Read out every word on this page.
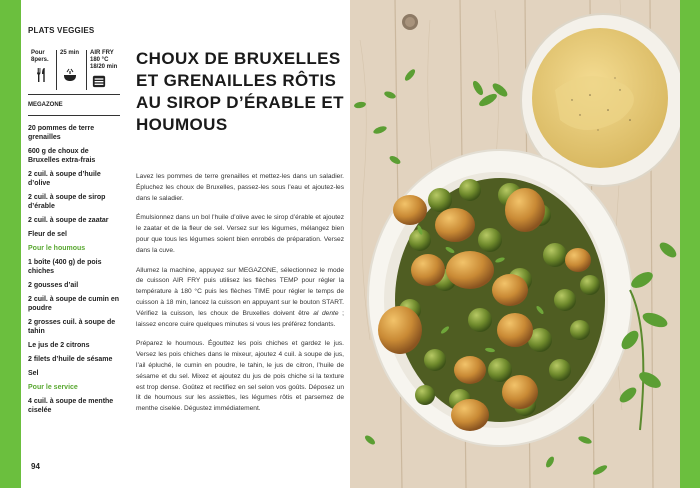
PLATS VEGGIES
Pour 8pers.
25 min	AIR FRY
180 °C
18/20 min
MEGAZONE
20 pommes de terre grenailles
600 g de choux de Bruxelles extra-frais
2 cuil. à soupe d’huile d’olive
2 cuil. à soupe de sirop d’érable
2 cuil. à soupe de zaatar
Fleur de sel
Pour le houmous
1 boîte (400 g) de pois chiches
2 gousses d’ail
2 cuil. à soupe de cumin en poudre
2 grosses cuil. à soupe de tahin
Le jus de 2 citrons
2 filets d’huile de sésame
Sel
Pour le service
4 cuil. à soupe de menthe ciselée
94
CHOUX DE BRUXELLES ET GRENAILLES RÔTIS AU SIROP D’ÉRABLE ET HOUMOUS

Lavez les pommes de terre grenailles et mettez-les dans un saladier. Épluchez les choux de Bruxelles, passez-les sous l’eau et ajoutez-les dans le saladier.

Émulsionnez dans un bol l’huile d’olive avec le sirop d’érable et ajoutez le zaatar et de la fleur de sel. Versez sur les légumes, mélangez bien pour que tous les légumes soient bien enrobés de préparation. Versez dans la cuve.

Allumez la machine, appuyez sur MEGAZONE, sélectionnez le mode de cuisson AIR FRY puis utilisez les flèches TEMP pour régler la température à 180 °C puis les flèches TIME pour régler le temps de cuisson à 18 min, lancez la cuisson en appuyant sur le bouton START. Vérifiez la cuisson, les choux de Bruxelles doivent être al dente ; laissez encore cuire quelques minutes si vous les préférez fondants.

Préparez le houmous. Égouttez les pois chiches et gardez le jus. Versez les pois chiches dans le mixeur, ajoutez 4 cuil. à soupe de jus, l’ail épluché, le cumin en poudre, le tahin, le jus de citron, l’huile de sésame et du sel. Mixez et ajoutez du jus de pois chiche si la texture est trop dense. Goûtez et rectifiez en sel selon vos goûts. Déposez un lit de houmous sur les assiettes, les légumes rôtis et parsemez de menthe ciselée. Dégustez immédiatement.
